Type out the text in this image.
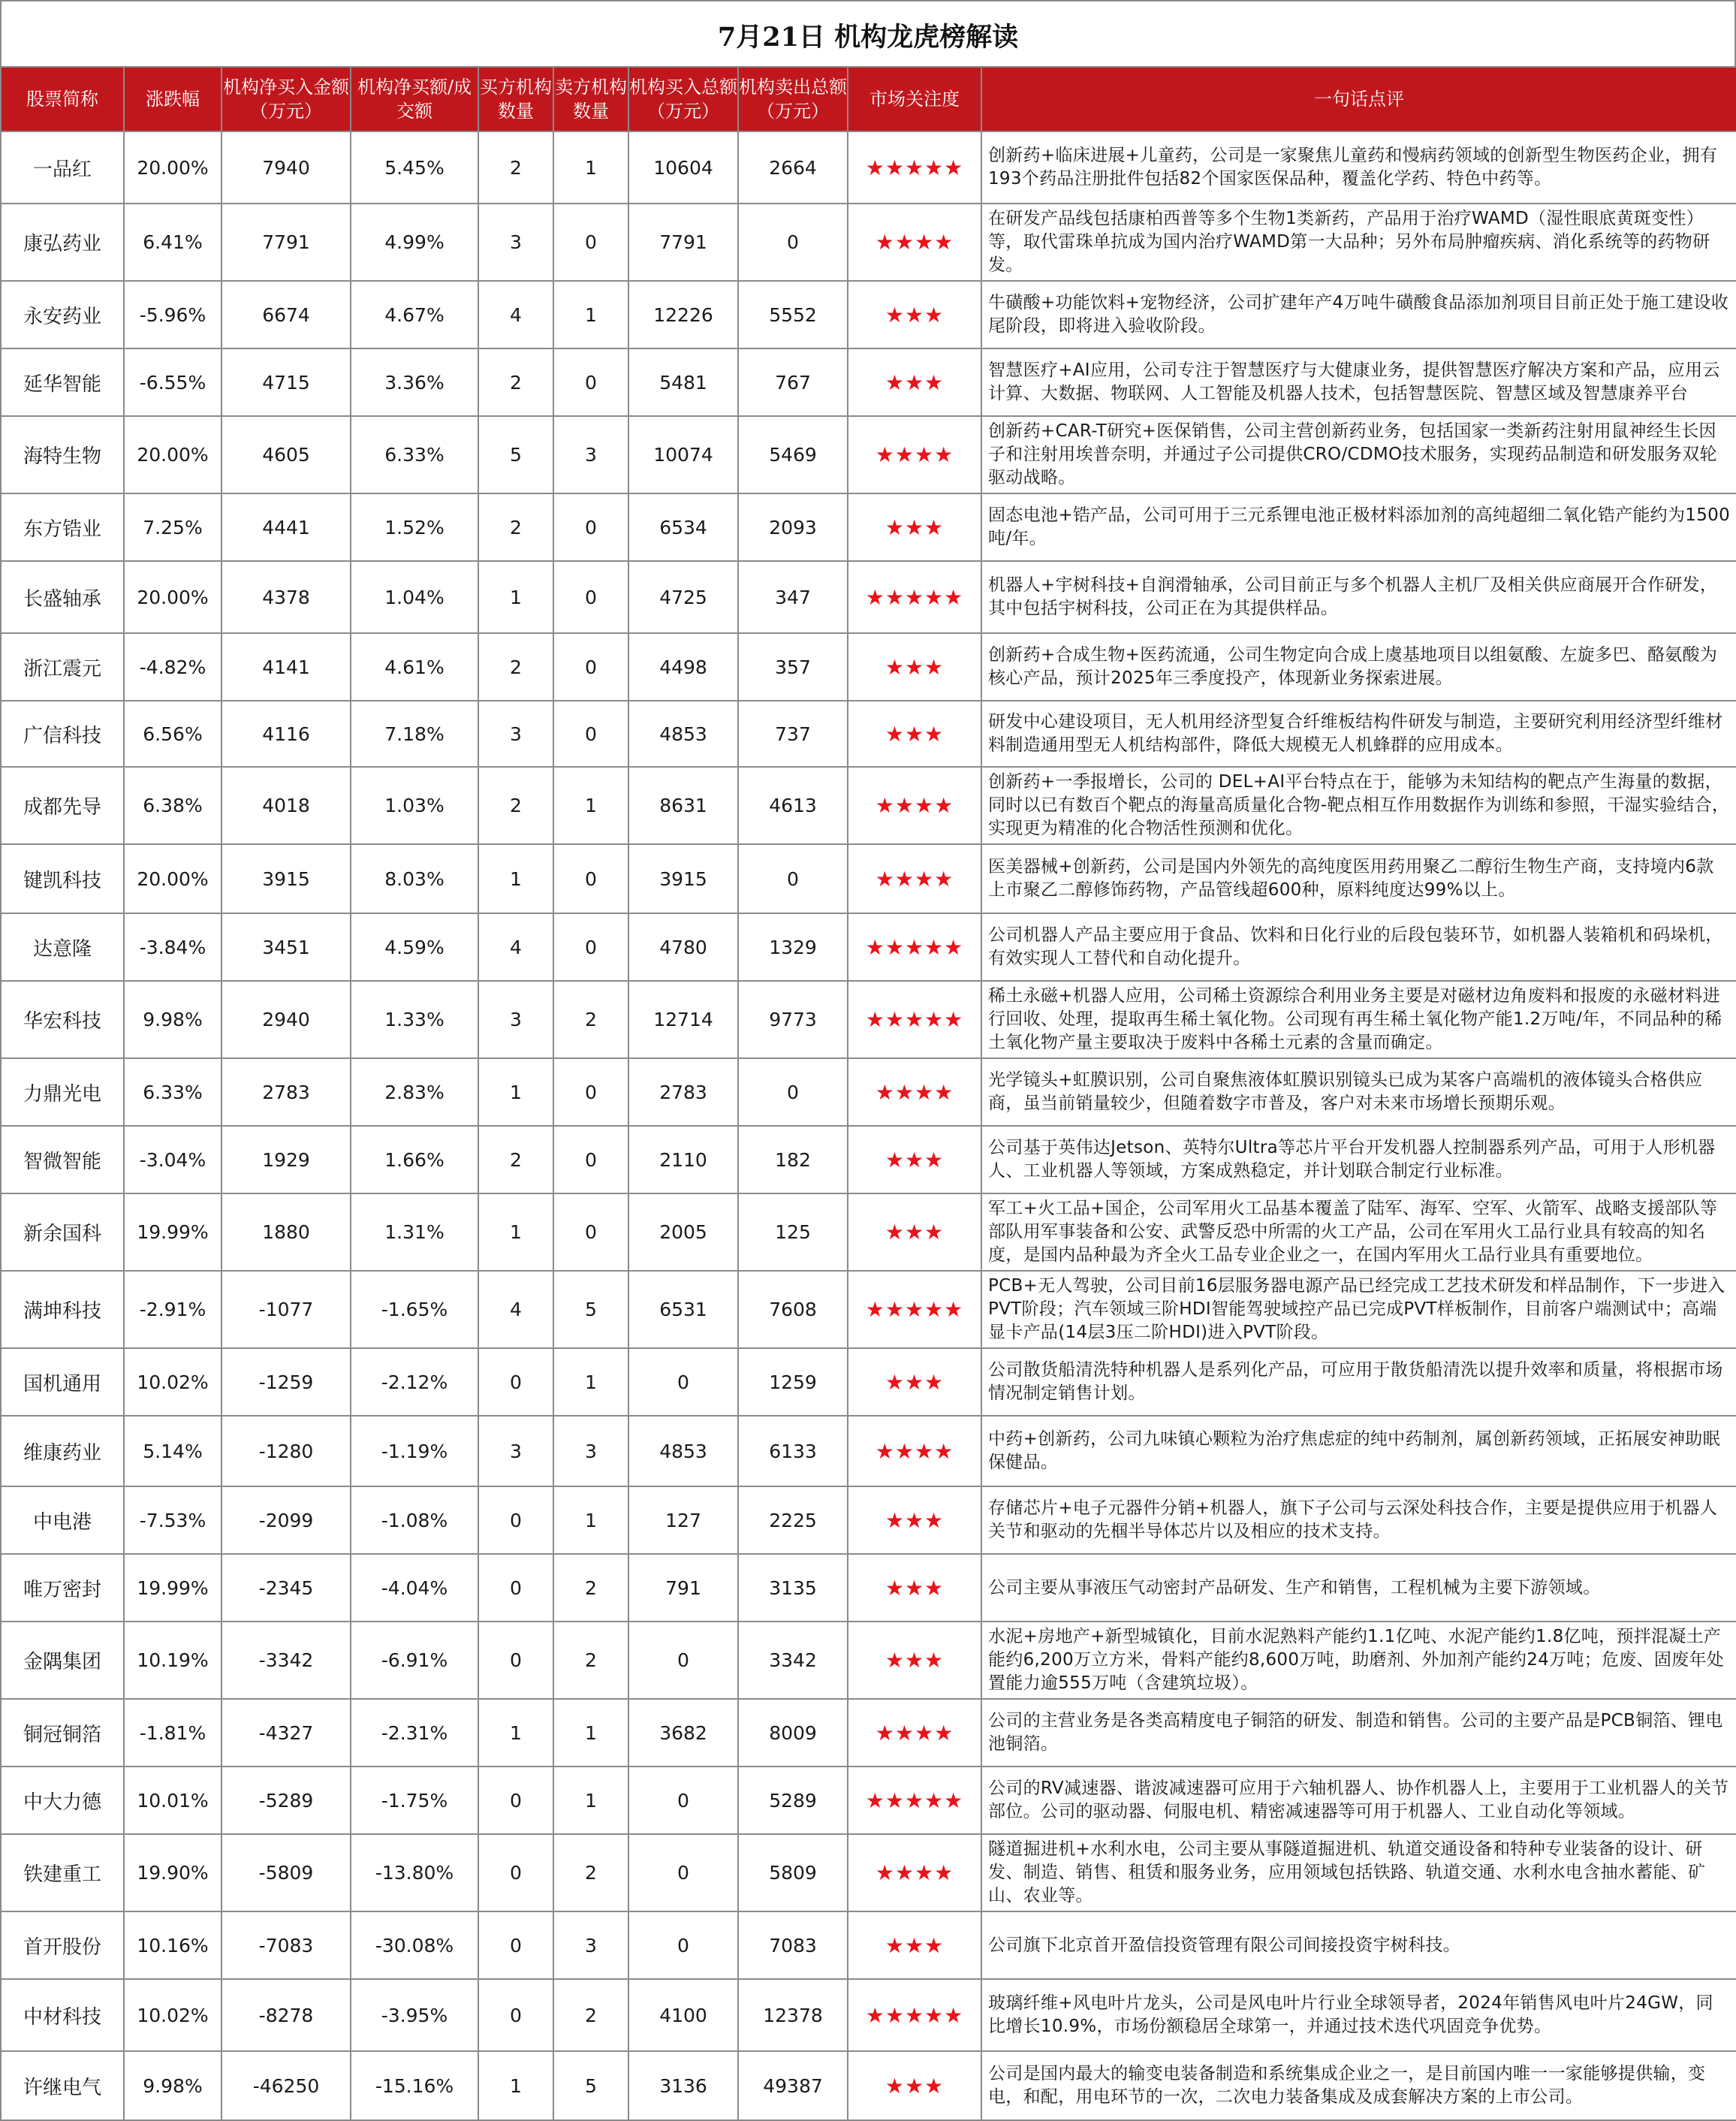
7月21日 机构龙虎榜解读
股票简称	涨跌幅	机构净买入金额（万元）	机构净买额/成交额	买方机构数量	卖方机构数量	机构买入总额（万元）	机构卖出总额（万元）	市场关注度	一句话点评
一品红	20.00%	7940	5.45%	2	1	10604	2664	★★★★★	创新药+临床进展+儿童药，公司是一家聚焦儿童药和慢病药领域的创新型生物医药企业，拥有193个药品注册批件包括82个国家医保品种，覆盖化学药、特色中药等。
康弘药业	6.41%	7791	4.99%	3	0	7791	0	★★★★	在研发产品线包括康柏西普等多个生物1类新药，产品用于治疗WAMD（湿性眼底黄斑变性）等，取代雷珠单抗成为国内治疗WAMD第一大品种；另外布局肿瘤疾病、消化系统等的药物研发。
永安药业	-5.96%	6674	4.67%	4	1	12226	5552	★★★	牛磺酸+功能饮料+宠物经济，公司扩建年产4万吨牛磺酸食品添加剂项目目前正处于施工建设收尾阶段，即将进入验收阶段。
延华智能	-6.55%	4715	3.36%	2	0	5481	767	★★★	智慧医疗+AI应用，公司专注于智慧医疗与大健康业务，提供智慧医疗解决方案和产品，应用云计算、大数据、物联网、人工智能及机器人技术，包括智慧医院、智慧区域及智慧康养平台
海特生物	20.00%	4605	6.33%	5	3	10074	5469	★★★★	创新药+CAR-T研究+医保销售，公司主营创新药业务，包括国家一类新药注射用鼠神经生长因子和注射用埃普奈明，并通过子公司提供CRO/CDMO技术服务，实现药品制造和研发服务双轮驱动战略。
东方锆业	7.25%	4441	1.52%	2	0	6534	2093	★★★	固态电池+锆产品，公司可用于三元系锂电池正极材料添加剂的高纯超细二氧化锆产能约为1500吨/年。
长盛轴承	20.00%	4378	1.04%	1	0	4725	347	★★★★★	机器人+宇树科技+自润滑轴承，公司目前正与多个机器人主机厂及相关供应商展开合作研发，其中包括宇树科技，公司正在为其提供样品。
浙江震元	-4.82%	4141	4.61%	2	0	4498	357	★★★	创新药+合成生物+医药流通，公司生物定向合成上虞基地项目以组氨酸、左旋多巴、酪氨酸为核心产品，预计2025年三季度投产，体现新业务探索进展。
广信科技	6.56%	4116	7.18%	3	0	4853	737	★★★	研发中心建设项目，无人机用经济型复合纤维板结构件研发与制造，主要研究利用经济型纤维材料制造通用型无人机结构部件，降低大规模无人机蜂群的应用成本。
成都先导	6.38%	4018	1.03%	2	1	8631	4613	★★★★	创新药+一季报增长，公司的 DEL+AI平台特点在于，能够为未知结构的靶点产生海量的数据，同时以已有数百个靶点的海量高质量化合物-靶点相互作用数据作为训练和参照，干湿实验结合，实现更为精准的化合物活性预测和优化。
键凯科技	20.00%	3915	8.03%	1	0	3915	0	★★★★	医美器械+创新药，公司是国内外领先的高纯度医用药用聚乙二醇衍生物生产商，支持境内6款上市聚乙二醇修饰药物，产品管线超600种，原料纯度达99%以上。
达意隆	-3.84%	3451	4.59%	4	0	4780	1329	★★★★★	公司机器人产品主要应用于食品、饮料和日化行业的后段包装环节，如机器人装箱机和码垛机，有效实现人工替代和自动化提升。
华宏科技	9.98%	2940	1.33%	3	2	12714	9773	★★★★★	稀土永磁+机器人应用，公司稀土资源综合利用业务主要是对磁材边角废料和报废的永磁材料进行回收、处理，提取再生稀土氧化物。公司现有再生稀土氧化物产能1.2万吨/年，不同品种的稀土氧化物产量主要取决于废料中各稀土元素的含量而确定。
力鼎光电	6.33%	2783	2.83%	1	0	2783	0	★★★★	光学镜头+虹膜识别，公司自聚焦液体虹膜识别镜头已成为某客户高端机的液体镜头合格供应商，虽当前销量较少，但随着数字市普及，客户对未来市场增长预期乐观。
智微智能	-3.04%	1929	1.66%	2	0	2110	182	★★★	公司基于英伟达Jetson、英特尔Ultra等芯片平台开发机器人控制器系列产品，可用于人形机器人、工业机器人等领域，方案成熟稳定，并计划联合制定行业标准。
新余国科	19.99%	1880	1.31%	1	0	2005	125	★★★	军工+火工品+国企，公司军用火工品基本覆盖了陆军、海军、空军、火箭军、战略支援部队等部队用军事装备和公安、武警反恐中所需的火工产品，公司在军用火工品行业具有较高的知名度，是国内品种最为齐全火工品专业企业之一，在国内军用火工品行业具有重要地位。
满坤科技	-2.91%	-1077	-1.65%	4	5	6531	7608	★★★★★	PCB+无人驾驶，公司目前16层服务器电源产品已经完成工艺技术研发和样品制作，下一步进入PVT阶段；汽车领域三阶HDI智能驾驶域控产品已完成PVT样板制作，目前客户端测试中；高端显卡产品(14层3压二阶HDI)进入PVT阶段。
国机通用	10.02%	-1259	-2.12%	0	1	0	1259	★★★	公司散货船清洗特种机器人是系列化产品，可应用于散货船清洗以提升效率和质量，将根据市场情况制定销售计划。
维康药业	5.14%	-1280	-1.19%	3	3	4853	6133	★★★★	中药+创新药，公司九味镇心颗粒为治疗焦虑症的纯中药制剂，属创新药领域，正拓展安神助眠保健品。
中电港	-7.53%	-2099	-1.08%	0	1	127	2225	★★★	存储芯片+电子元器件分销+机器人，旗下子公司与云深处科技合作，主要是提供应用于机器人关节和驱动的先椢半导体芯片以及相应的技术支持。
唯万密封	19.99%	-2345	-4.04%	0	2	791	3135	★★★	公司主要从事液压气动密封产品研发、生产和销售，工程机械为主要下游领域。
金隅集团	10.19%	-3342	-6.91%	0	2	0	3342	★★★	水泥+房地产+新型城镇化，目前水泥熟料产能约1.1亿吨、水泥产能约1.8亿吨，预拌混凝土产能约6,200万立方米，骨料产能约8,600万吨，助磨剂、外加剂产能约24万吨；危废、固废年处置能力逾555万吨（含建筑垃圾）。
铜冠铜箔	-1.81%	-4327	-2.31%	1	1	3682	8009	★★★★	公司的主营业务是各类高精度电子铜箔的研发、制造和销售。公司的主要产品是PCB铜箔、锂电池铜箔。
中大力德	10.01%	-5289	-1.75%	0	1	0	5289	★★★★★	公司的RV减速器、谐波减速器可应用于六轴机器人、协作机器人上，主要用于工业机器人的关节部位。公司的驱动器、伺服电机、精密减速器等可用于机器人、工业自动化等领域。
铁建重工	19.90%	-5809	-13.80%	0	2	0	5809	★★★★	隧道掘进机+水利水电，公司主要从事隧道掘进机、轨道交通设备和特种专业装备的设计、研发、制造、销售、租赁和服务业务，应用领域包括铁路、轨道交通、水利水电含抽水蓄能、矿山、农业等。
首开股份	10.16%	-7083	-30.08%	0	3	0	7083	★★★	公司旗下北京首开盈信投资管理有限公司间接投资宇树科技。
中材科技	10.02%	-8278	-3.95%	0	2	4100	12378	★★★★★	玻璃纤维+风电叶片龙头，公司是风电叶片行业全球领导者，2024年销售风电叶片24GW，同比增长10.9%，市场份额稳居全球第一，并通过技术迭代巩固竞争优势。
许继电气	9.98%	-46250	-15.16%	1	5	3136	49387	★★★	公司是国内最大的输变电装备制造和系统集成企业之一，是目前国内唯一一家能够提供输，变电，和配，用电环节的一次，二次电力装备集成及成套解决方案的上市公司。
